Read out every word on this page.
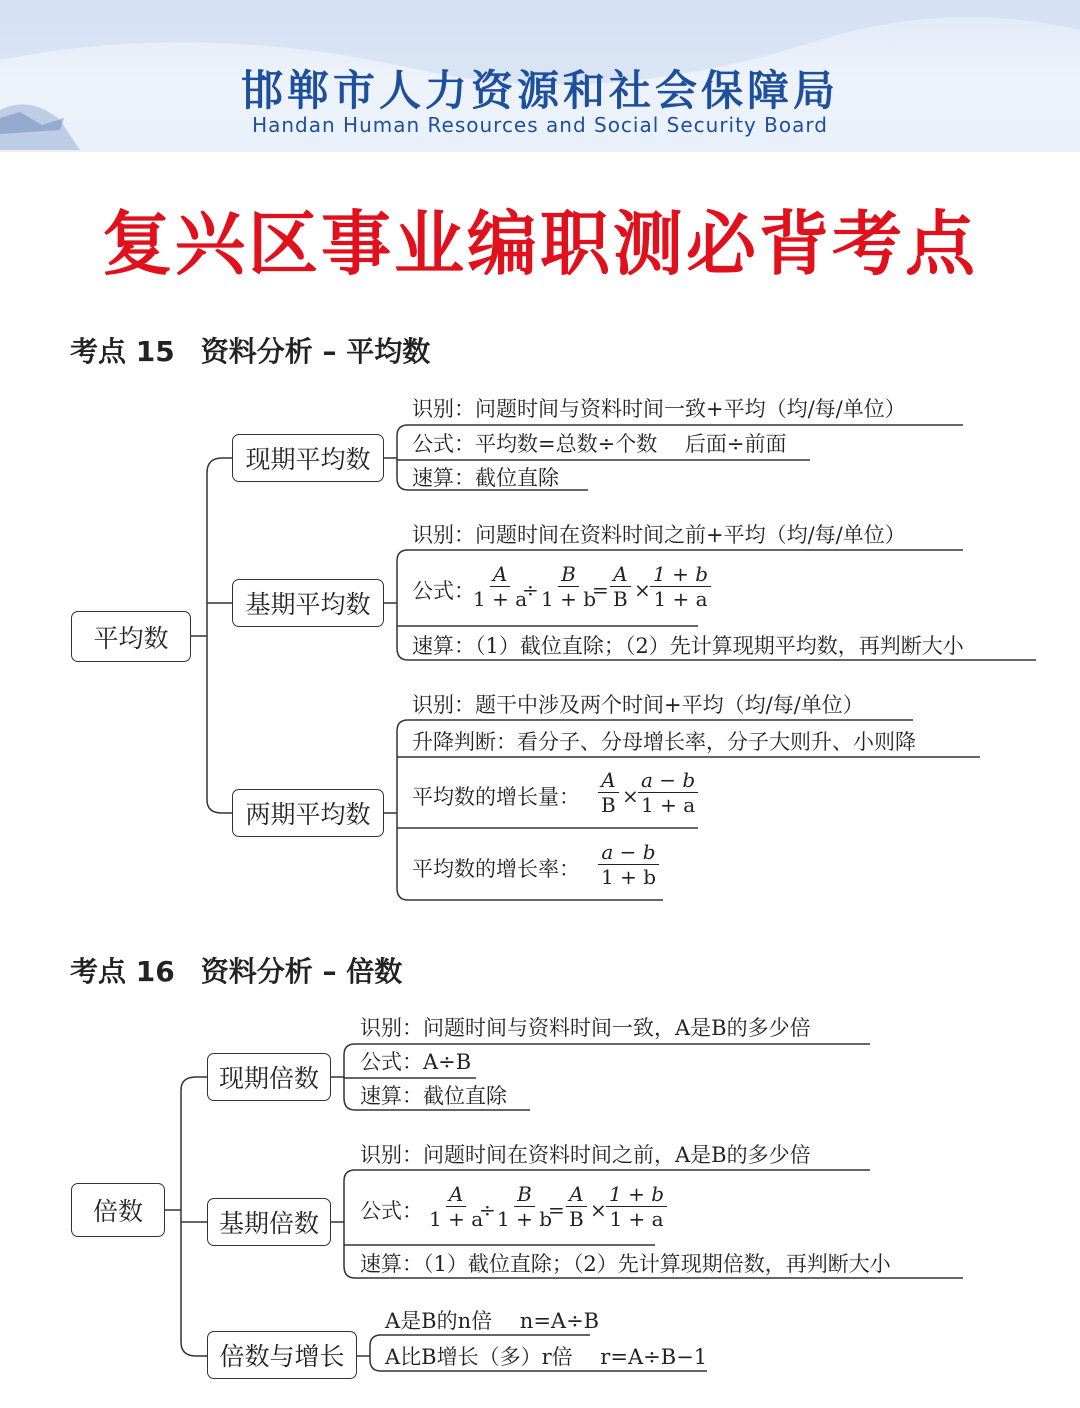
邯郸市人力资源和社会保障局
Handan Human Resources and Social Security Board
复兴区事业编职测必背考点
考点 15 资料分析 – 平均数
考点 16 资料分析 – 倍数
平均数
现期平均数
基期平均数
两期平均数
识别：问题时间与资料时间一致+平均（均/每/单位）
公式：平均数=总数÷个数　 后面÷前面
速算：截位直除
识别：问题时间在资料时间之前+平均（均/每/单位）
公式：
$\frac{A}{1 + a}$
÷ $\frac{B}{1 + b}$
= $\frac{A}{B} \times \frac{1 + b}{1 + a}$
速算：（1）截位直除；（2）先计算现期平均数，再判断大小
识别：题干中涉及两个时间+平均（均/每/单位）
升降判断：看分子、分母增长率，分子大则升、小则降
平均数的增长量： $\frac{A}{B} \times \frac{a - b}{1 + a}$
平均数的增长率： $\frac{a - b}{1 + b}$
倍数
现期倍数
基期倍数
倍数与增长
识别：问题时间与资料时间一致，A是B的多少倍
公式：A÷B
速算：截位直除
识别：问题时间在资料时间之前，A是B的多少倍
公式： $\frac{A}{1 + a}$
÷
$\frac{B}{1 + b}$
= $\frac{A}{B} \times \frac{1 + b}{1 + a}$
速算：（1）截位直除；（2）先计算现期倍数，再判断大小
A是B的n倍　 n=A÷B
A比B增长（多）r倍　 r=A÷B−1
